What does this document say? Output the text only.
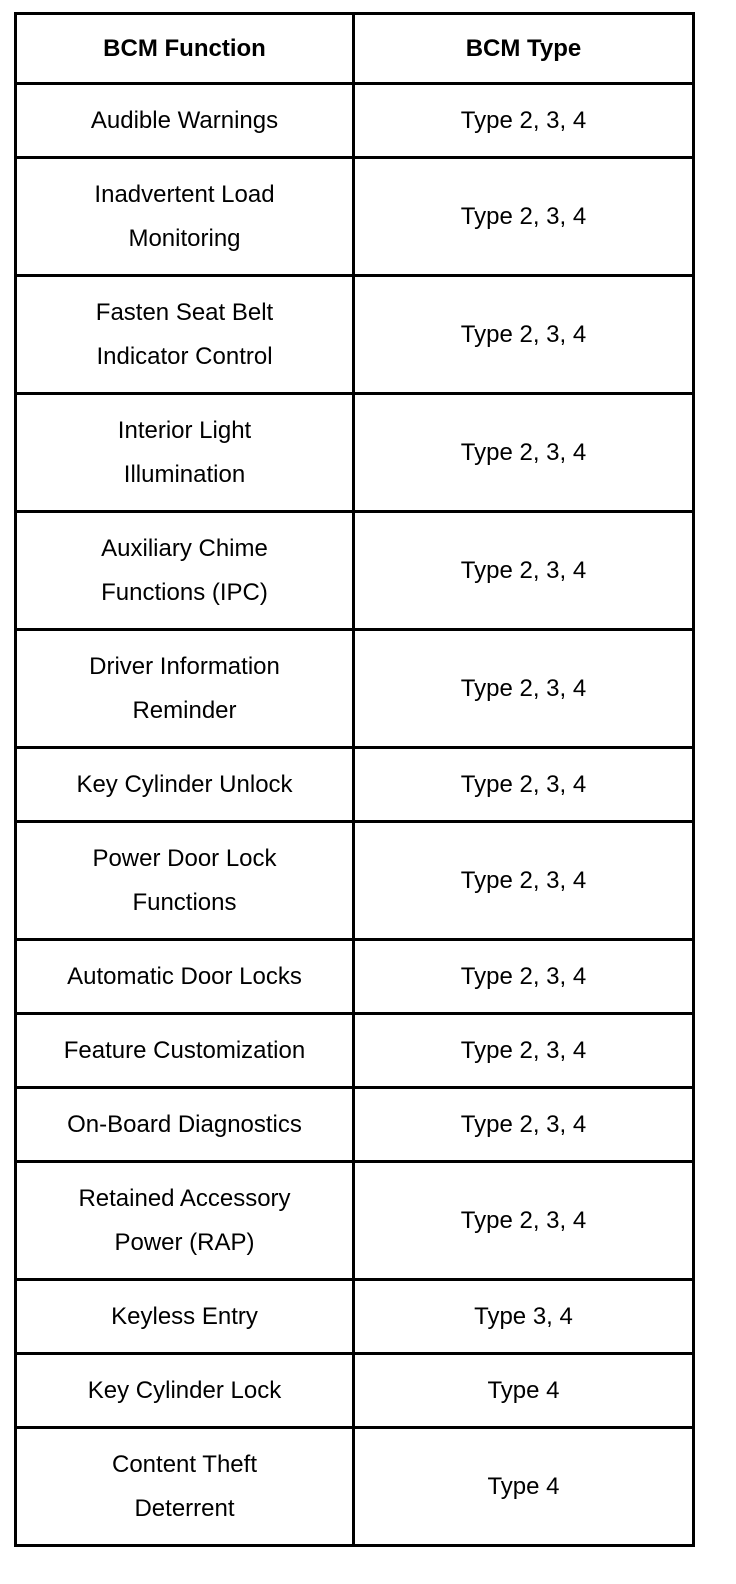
BCM Function	BCM Type
Audible Warnings	Type 2, 3, 4
Inadvertent Load
Monitoring	Type 2, 3, 4
Fasten Seat Belt
Indicator Control	Type 2, 3, 4
Interior Light
Illumination	Type 2, 3, 4
Auxiliary Chime
Functions (IPC)	Type 2, 3, 4
Driver Information
Reminder	Type 2, 3, 4
Key Cylinder Unlock	Type 2, 3, 4
Power Door Lock
Functions	Type 2, 3, 4
Automatic Door Locks	Type 2, 3, 4
Feature Customization	Type 2, 3, 4
On-Board Diagnostics	Type 2, 3, 4
Retained Accessory
Power (RAP)	Type 2, 3, 4
Keyless Entry	Type 3, 4
Key Cylinder Lock	Type 4
Content Theft
Deterrent	Type 4
